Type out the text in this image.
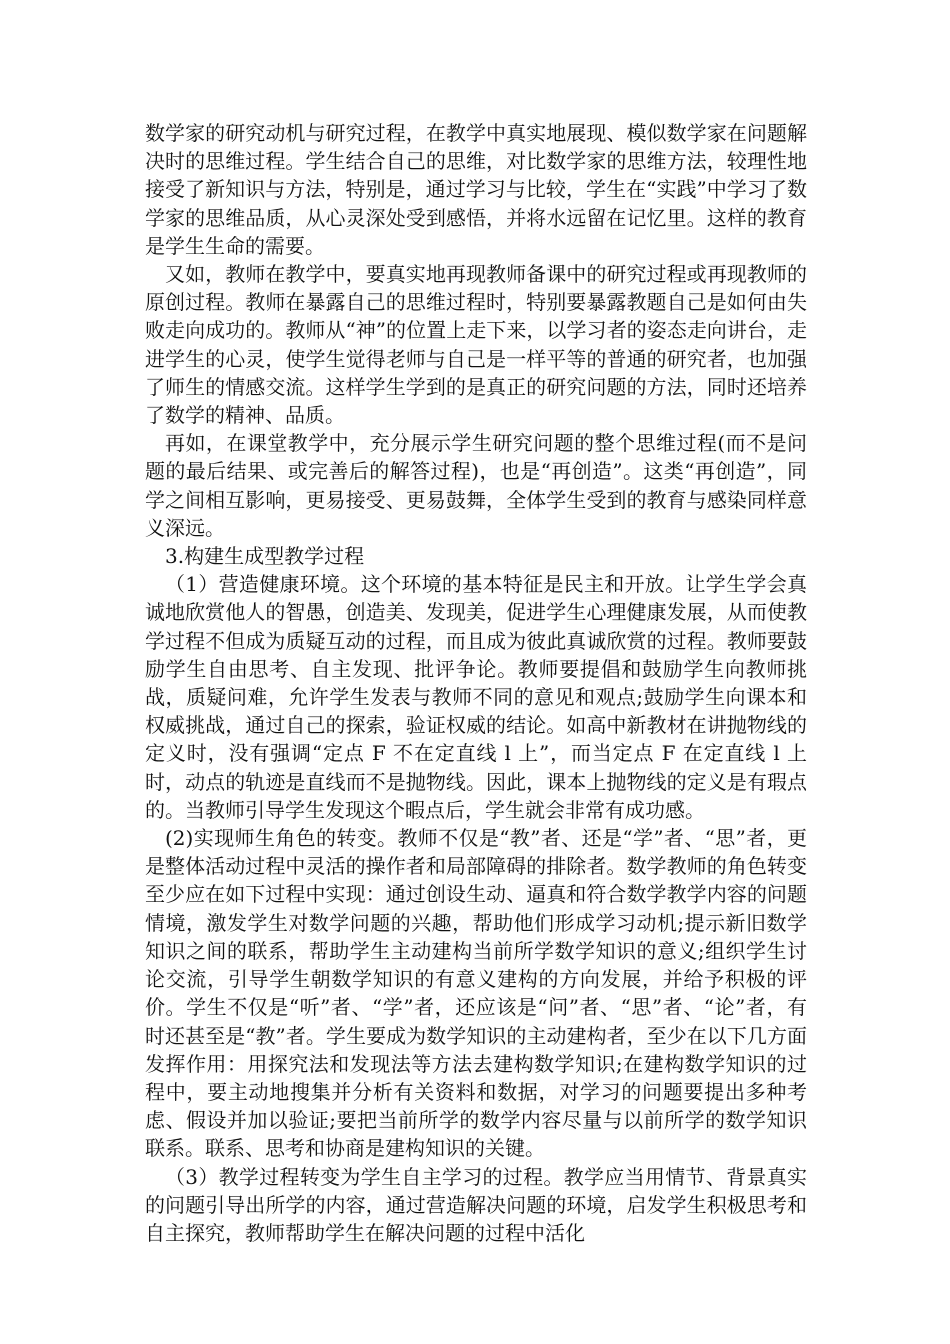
数学家的研究动机与研究过程，在教学中真实地展现、模似数学家在问题解决时的思维过程。学生结合自己的思维，对比数学家的思维方法，较理性地接受了新知识与方法，特别是，通过学习与比较，学生在“实践”中学习了数学家的思维品质，从心灵深处受到感悟，并将水远留在记忆里。这样的教育是学生生命的需要。

又如，教师在教学中，要真实地再现教师备课中的研究过程或再现教师的原创过程。教师在暴露自己的思维过程时，特别要暴露教题自己是如何由失败走向成功的。教师从“神”的位置上走下来，以学习者的姿态走向讲台，走进学生的心灵，使学生觉得老师与自己是一样平等的普通的研究者，也加强了师生的情感交流。这样学生学到的是真正的研究问题的方法，同时还培养了数学的精神、品质。

再如，在课堂教学中，充分展示学生研究问题的整个思维过程(而不是问题的最后结果、或完善后的解答过程)，也是“再创造”。这类“再创造”，同学之间相互影响，更易接受、更易鼓舞，全体学生受到的教育与感染同样意义深远。

3.构建生成型教学过程

（1）营造健康环境。这个环境的基本特征是民主和开放。让学生学会真诚地欣赏他人的智愚，创造美、发现美，促进学生心理健康发展，从而使教学过程不但成为质疑互动的过程，而且成为彼此真诚欣赏的过程。教师要鼓励学生自由思考、自主发现、批评争论。教师要提倡和鼓励学生向教师挑战，质疑问难，允许学生发表与教师不同的意见和观点;鼓励学生向课本和权威挑战，通过自己的探索，验证权威的结论。如高中新教材在讲抛物线的定义时，没有强调“定点 F 不在定直线 l 上”，而当定点 F 在定直线 l 上时，动点的轨迹是直线而不是抛物线。因此，课本上抛物线的定义是有瑕点的。当教师引导学生发现这个暇点后，学生就会非常有成功感。

(2)实现师生角色的转变。教师不仅是“教”者、还是“学”者、“思”者，更是整体活动过程中灵活的操作者和局部障碍的排除者。数学教师的角色转变至少应在如下过程中实现：通过创设生动、逼真和符合数学教学内容的问题情境，激发学生对数学问题的兴趣，帮助他们形成学习动机;提示新旧数学知识之间的联系，帮助学生主动建构当前所学数学知识的意义;组织学生讨论交流，引导学生朝数学知识的有意义建构的方向发展，并给予积极的评价。学生不仅是“听”者、“学”者，还应该是“问”者、“思”者、“论”者，有时还甚至是“教”者。学生要成为数学知识的主动建构者，至少在以下几方面发挥作用：用探究法和发现法等方法去建构数学知识;在建构数学知识的过程中，要主动地搜集并分析有关资料和数据，对学习的问题要提出多种考虑、假设并加以验证;要把当前所学的数学内容尽量与以前所学的数学知识联系。联系、思考和协商是建构知识的关键。

（3）教学过程转变为学生自主学习的过程。教学应当用情节、背景真实的问题引导出所学的内容，通过营造解决问题的环境，启发学生积极思考和自主探究，教师帮助学生在解决问题的过程中活化
